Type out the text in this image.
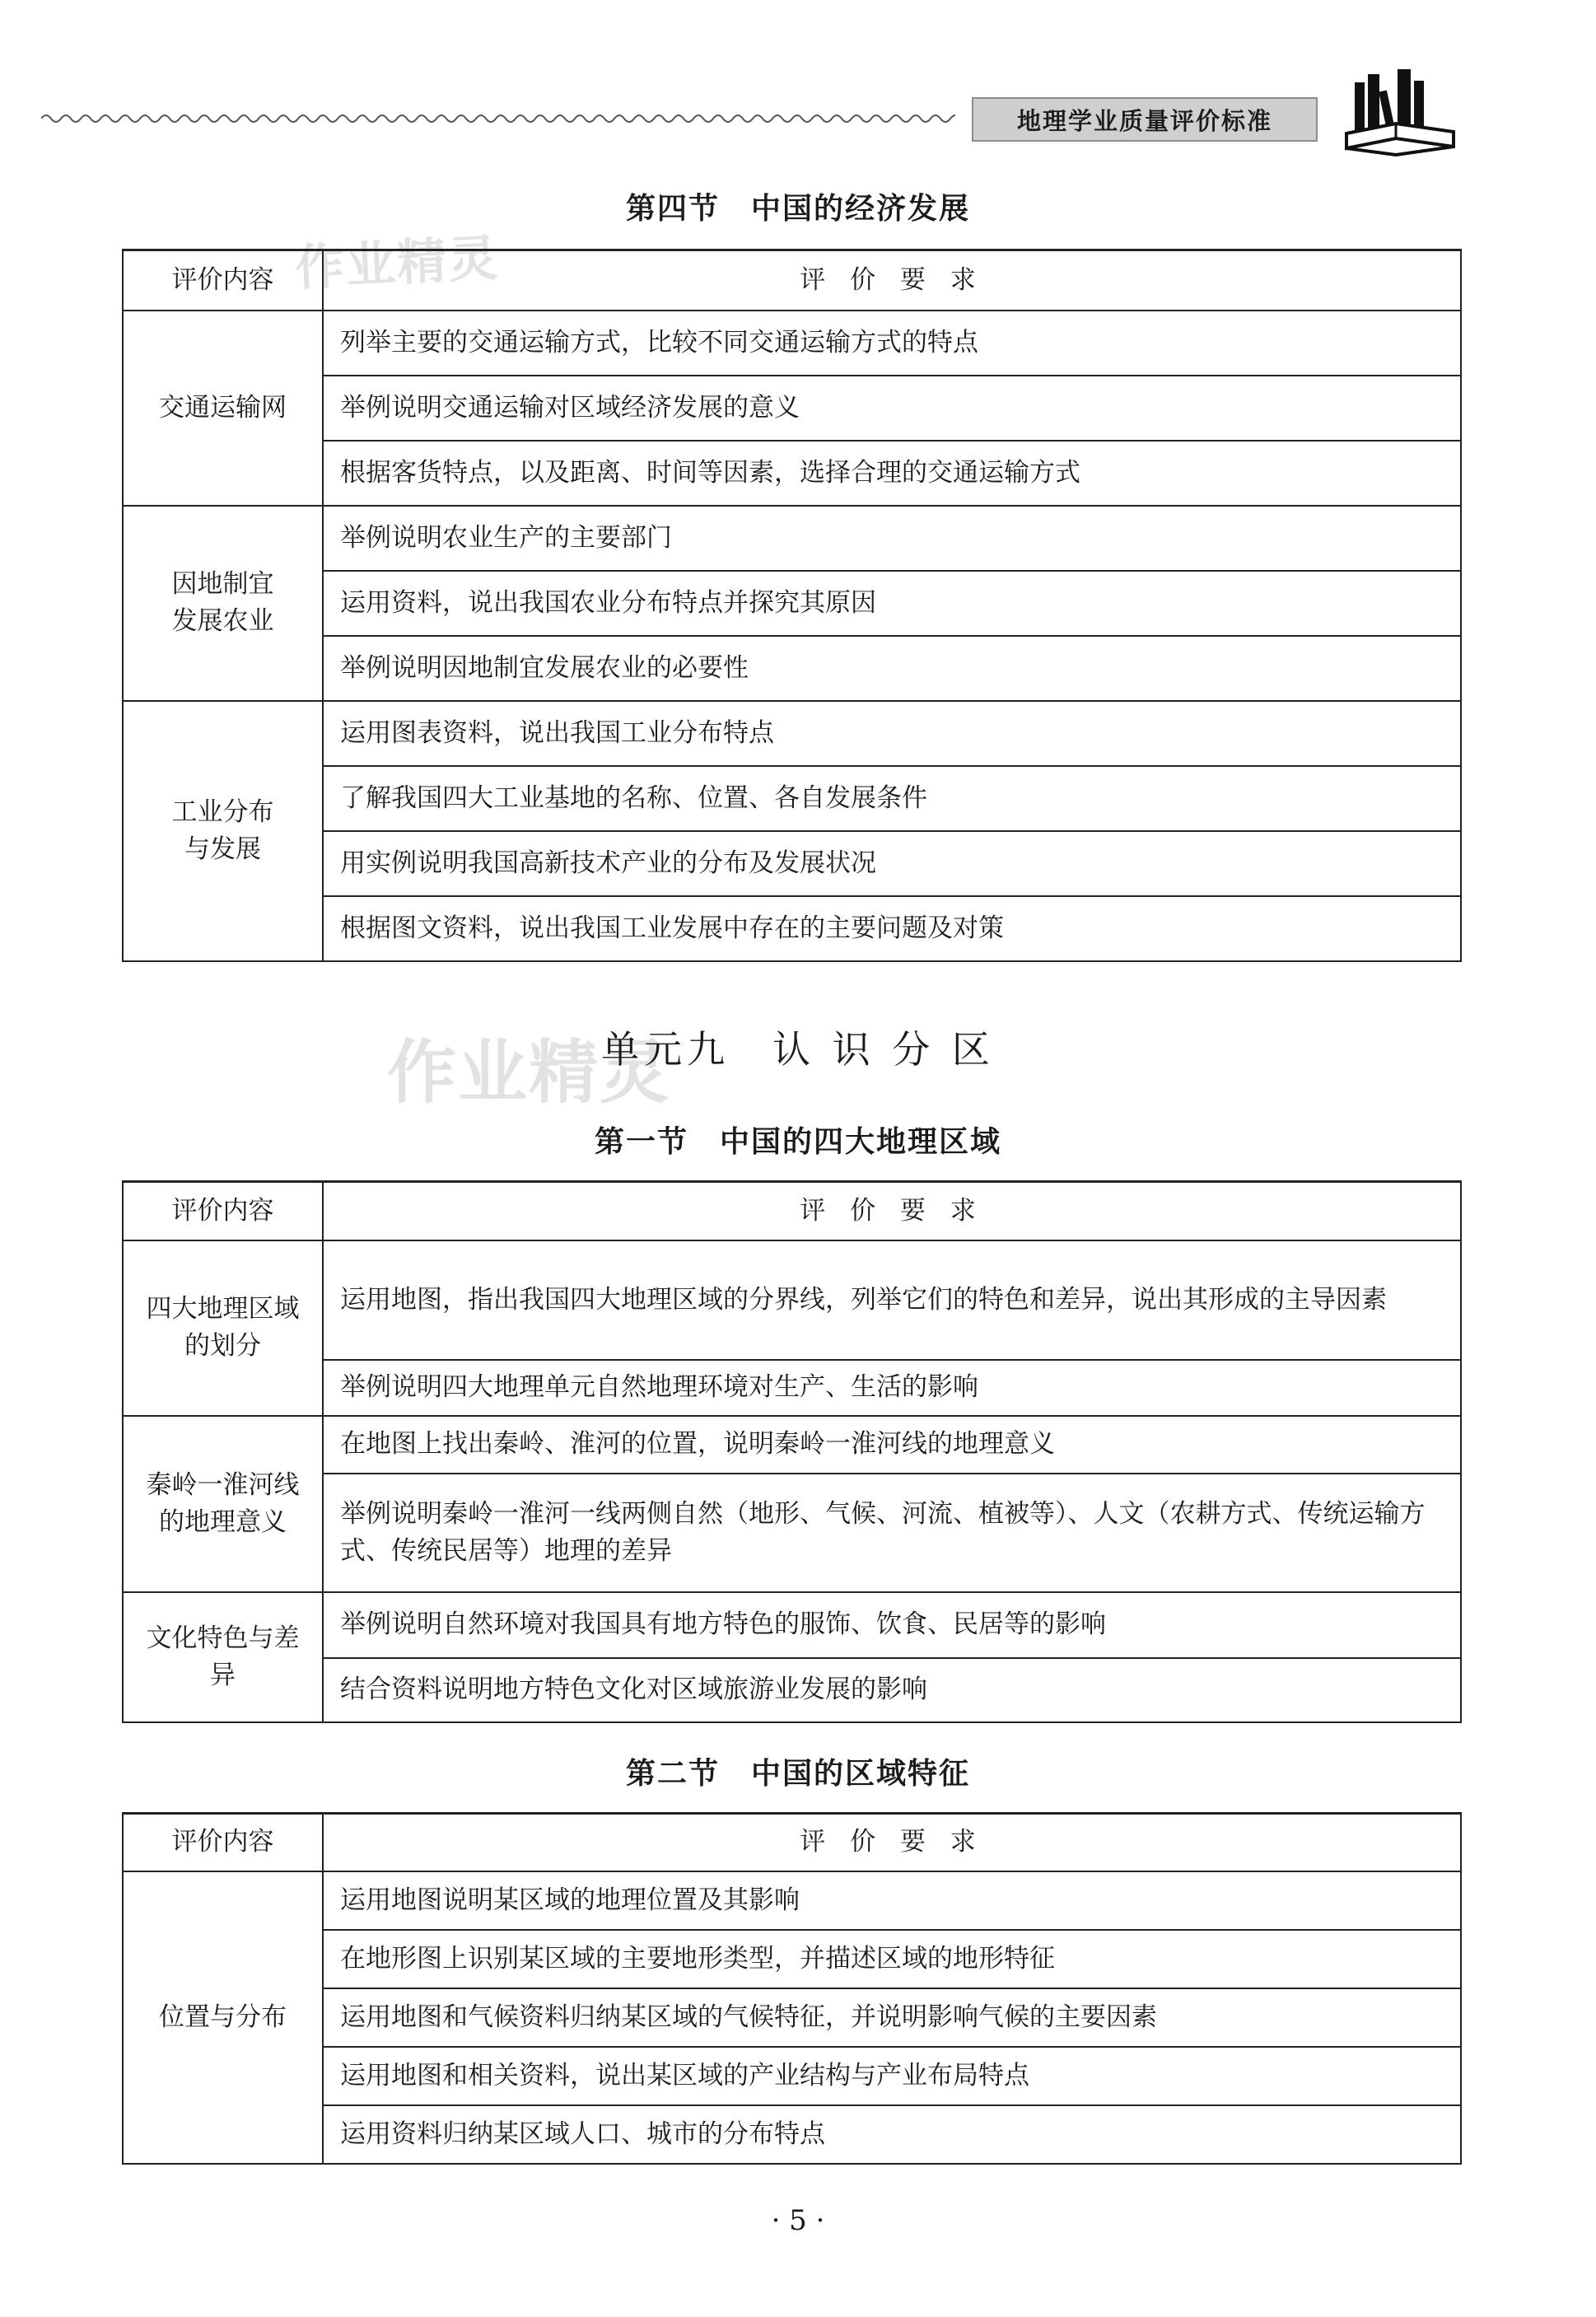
地理学业质量评价标准
作业精灵
第四节　中国的经济发展
评价内容	评 价 要 求
交通运输网	列举主要的交通运输方式，比较不同交通运输方式的特点
	举例说明交通运输对区域经济发展的意义
	根据客货特点，以及距离、时间等因素，选择合理的交通运输方式
因地制宜发展农业	举例说明农业生产的主要部门
	运用资料，说出我国农业分布特点并探究其原因
	举例说明因地制宜发展农业的必要性
工业分布与发展	运用图表资料，说出我国工业分布特点
	了解我国四大工业基地的名称、位置、各自发展条件
	用实例说明我国高新技术产业的分布及发展状况
	根据图文资料，说出我国工业发展中存在的主要问题及对策
作业精灵
单元九　认 识 分 区
第一节　中国的四大地理区域
评价内容	评 价 要 求
四大地理区域的划分	运用地图，指出我国四大地理区域的分界线，列举它们的特色和差异，说出其形成的主导因素
	举例说明四大地理单元自然地理环境对生产、生活的影响
秦岭一淮河线的地理意义	在地图上找出秦岭、淮河的位置，说明秦岭一淮河线的地理意义
	举例说明秦岭一淮河一线两侧自然（地形、气候、河流、植被等）、人文（农耕方式、传统运输方式、传统民居等）地理的差异
文化特色与差异	举例说明自然环境对我国具有地方特色的服饰、饮食、民居等的影响
	结合资料说明地方特色文化对区域旅游业发展的影响
第二节　中国的区域特征
评价内容	评 价 要 求
位置与分布	运用地图说明某区域的地理位置及其影响
	在地形图上识别某区域的主要地形类型，并描述区域的地形特征
	运用地图和气候资料归纳某区域的气候特征，并说明影响气候的主要因素
	运用地图和相关资料，说出某区域的产业结构与产业布局特点
	运用资料归纳某区域人口、城市的分布特点
· 5 ·
